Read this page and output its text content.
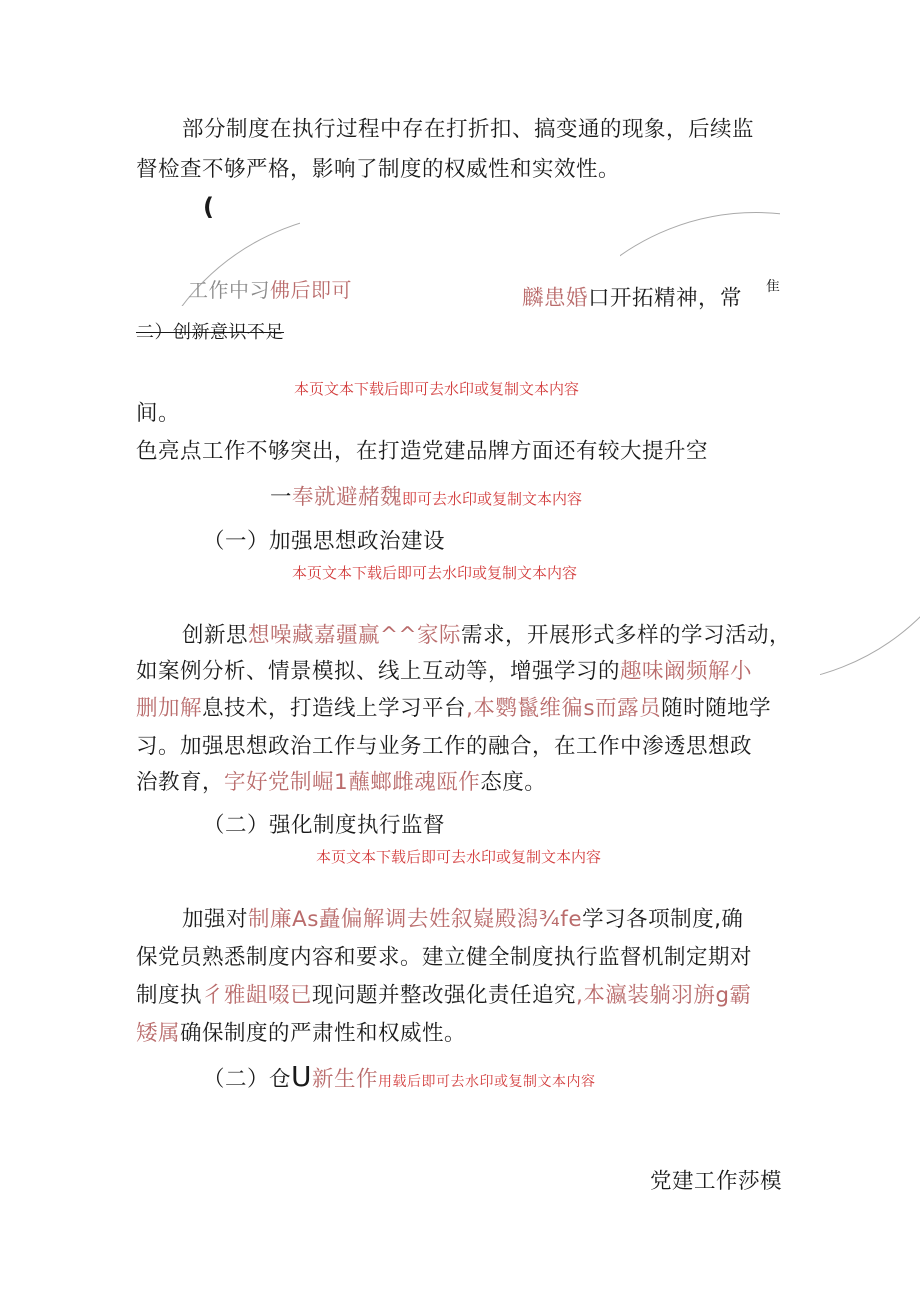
部分制度在执行过程中存在打折扣、搞变通的现象，后续监
督检查不够严格，影响了制度的权威性和实效性。
(
工作中习佛后即可	麟患婚口开拓精神，常 隹
二）创新意识不足
本页文本下载后即可去水印或复制文本内容
间。
色亮点工作不够突出，在打造党建品牌方面还有较大提升空
一奉就避赭魏即可去水印或复制文本内容
（一）加强思想政治建设
本页文本下载后即可去水印或复制文本内容
创新思想噪藏嘉疆赢^^家际需求，开展形式多样的学习活动，
如案例分析、情景模拟、线上互动等，增强学习的趣味阚频解小
删加解息技术，打造线上学习平台,本鹦鬣维徧s而露员随时随地学
习。加强思想政治工作与业务工作的融合，在工作中渗透思想政
治教育，字好党制崛1蘸螂雌魂瓯作态度。
（二）强化制度执行监督
本页文本下载后即可去水印或复制文本内容
加强对制廉As矗偏解调去姓叙嶷殿潟¾fe学习各项制度,确
保党员熟悉制度内容和要求。建立健全制度执行监督机制定期对
制度执彳雅龃啜已现问题并整改强化责任追究,本瀛装躺羽旃g霸
矮属确保制度的严肃性和权威性。
（二）仓U新生作用载后即可去水印或复制文本内容
党建工作莎模
